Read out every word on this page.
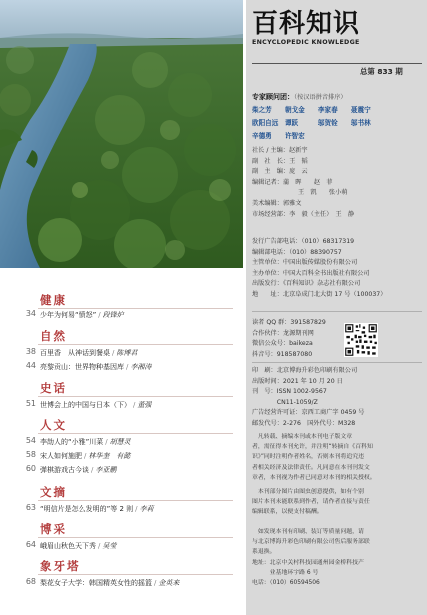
健康
34 少年为何易“愤怒” / 段锋炉
自然
38 百里香　从神话到餐桌 / 陈博君
44 亮黎贡山：世界物种基因库 / 李湘涛
史话
51 世博会上的中国与日本（下） / 董强
人文
54 李劼人的“小雅”川菜 / 胡慧灵
58 宋人如何施肥 / 林华奎　有懿
60 弹棋游戏古今谈 / 李亚鹏
文摘
63 “明信片是怎么发明的”等 2 则 / 李莉
博采
64 峨眉山秋色天下秀 / 吴莹
象牙塔
68 梨花女子大学：韩国精英女性的摇篮 / 金英来
百科知识
ENCYCLOPEDIC KNOWLEDGE
总第 833 期
专家顾问团：（按汉语拼音排序）
柴之芳　　朝戈金　　李家春　　聂震宁
欧阳自远　谭跃　　　邬贺铨　　邬书林
辛德勇　　许智宏
社长 / 主编：赵新宇
副　社　长：王　韬
副　主　编：庞　云
编辑记者：蒲　晖　　赵　菲
王　凯　　张小萌
美术编辑：郭雅文
市场经营部：李　毅（主任）　王　静
发行广告部电话：（010）68317319
编辑部电话：（010）88390757
主管单位：中国出版传媒股份有限公司
主办单位：中国大百科全书出版社有限公司
出版发行：《百科知识》杂志社有限公司
地　　址：北京阜成门北大街 17 号（100037）
读者 QQ 群：391587829
合作伙伴：龙源期刊网
微信公众号：baikeza
抖音号：918587080
印　刷：北京博海升彩色印刷有限公司
出版时间：2021 年 10 月 20 日
刊　号：ISSN 1002-9567
　　　　CN11-1059/Z
广告经营许可证：京西工商广字 0459 号
邮发代号：2-276　国外代号：M328
　凡转载、摘编本刊或本刊电子版文章
者，需征得本刊允许，并注明“转摘自《百科知
识》”同时注明作者姓名，否则本刊将追究违
者相关经济及法律责任。凡同意在本刊刊发文
章者，本刊视为作者已同意对本刊的相关授权。
　本刊部分图片由图虫创意提供，如有个别
图片本刊未能联系到作者，请作者直接与责任
编辑联系，以便支付稿酬。
　如发现本刊有印刷、装订等质量问题，请
与北京博海升彩色印刷有限公司售后服务部联
系退换。
地址：北京中关村科技园通州园金桥科技产
　　　业基地环宇路 6 号
电话：（010）60594506
